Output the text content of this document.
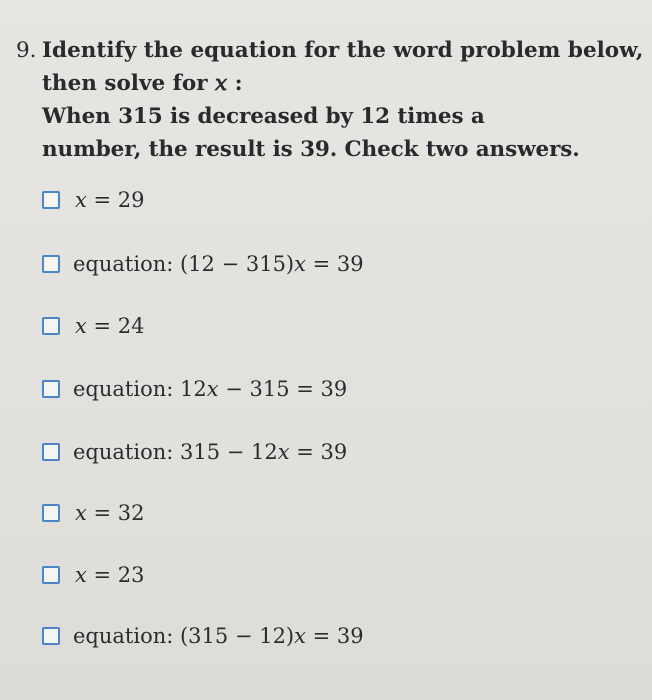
9. Identify the equation for the word problem below,
then solve for 𝑥 :
When 315 is decreased by 12 times a
number, the result is 39. Check two answers.
𝑥 = 29
equation: (12 − 315)𝑥 = 39
𝑥 = 24
equation: 12𝑥 − 315 = 39
equation: 315 − 12𝑥 = 39
𝑥 = 32
𝑥 = 23
equation: (315 − 12)𝑥 = 39
